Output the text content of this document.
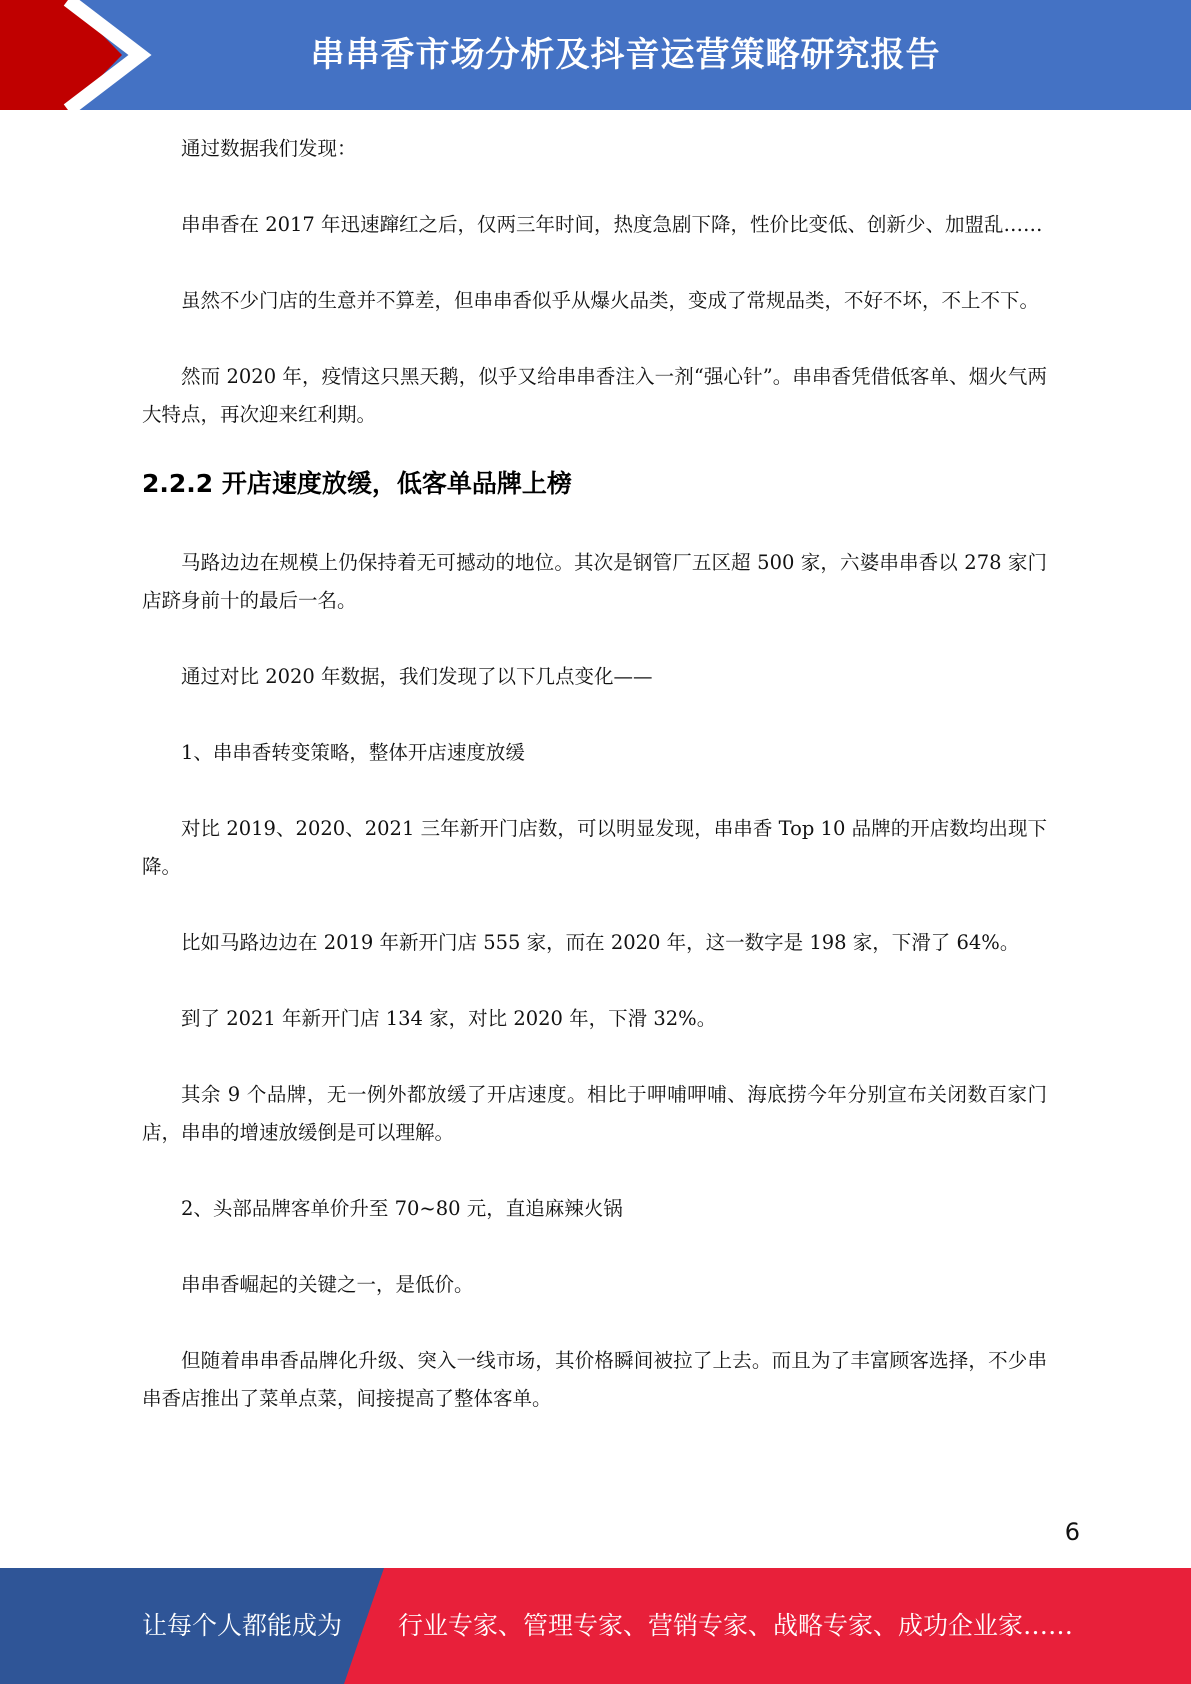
串串香市场分析及抖音运营策略研究报告

通过数据我们发现：

串串香在 2017 年迅速蹿红之后，仅两三年时间，热度急剧下降，性价比变低、创新少、加盟乱……

虽然不少门店的生意并不算差，但串串香似乎从爆火品类，变成了常规品类，不好不坏，不上不下。

然而 2020 年，疫情这只黑天鹅，似乎又给串串香注入一剂“强心针”。串串香凭借低客单、烟火气两大特点，再次迎来红利期。

2.2.2 开店速度放缓，低客单品牌上榜

马路边边在规模上仍保持着无可撼动的地位。其次是钢管厂五区超 500 家，六婆串串香以 278 家门店跻身前十的最后一名。

通过对比 2020 年数据，我们发现了以下几点变化——

1、串串香转变策略，整体开店速度放缓

对比 2019、2020、2021 三年新开门店数，可以明显发现，串串香 Top 10 品牌的开店数均出现下降。

比如马路边边在 2019 年新开门店 555 家，而在 2020 年，这一数字是 198 家，下滑了 64%。

到了 2021 年新开门店 134 家，对比 2020 年，下滑 32%。

其余 9 个品牌，无一例外都放缓了开店速度。相比于呷哺呷哺、海底捞今年分别宣布关闭数百家门店，串串的增速放缓倒是可以理解。

2、头部品牌客单价升至 70~80 元，直追麻辣火锅

串串香崛起的关键之一，是低价。

但随着串串香品牌化升级、突入一线市场，其价格瞬间被拉了上去。而且为了丰富顾客选择，不少串串香店推出了菜单点菜，间接提高了整体客单。

6
让每个人都能成为 行业专家、管理专家、营销专家、战略专家、成功企业家……
